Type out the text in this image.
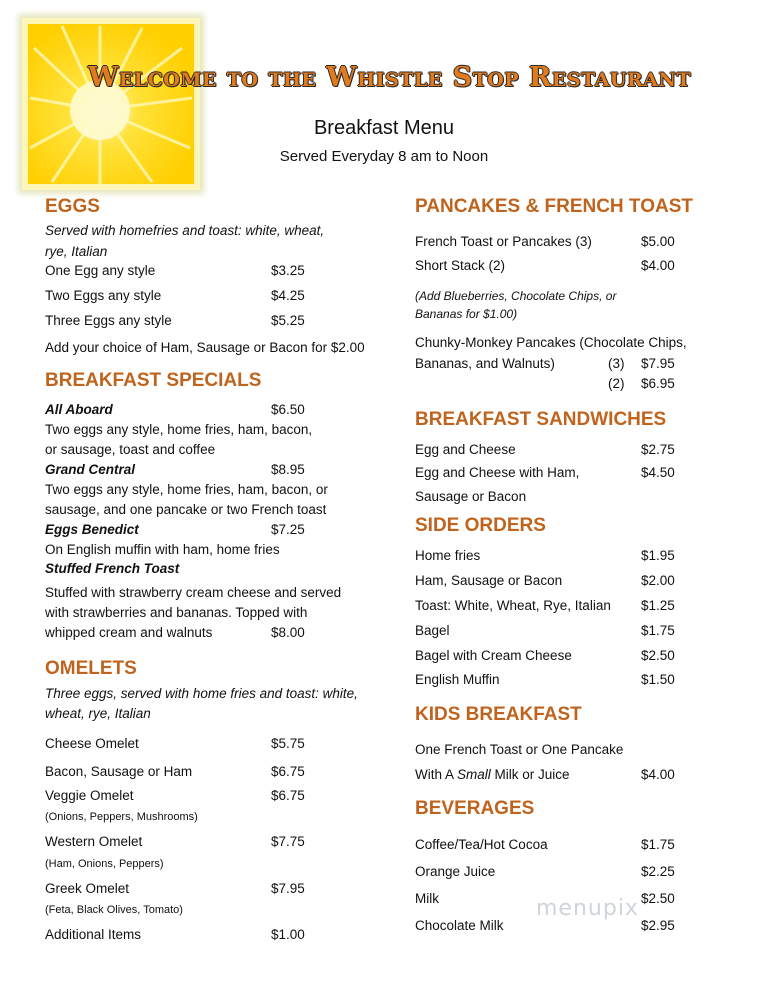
Welcome to the Whistle Stop Restaurant
Breakfast Menu
Served Everyday 8 am to Noon
EGGS
Served with homefries and toast: white, wheat,
rye, Italian
One Egg any style	$3.25
Two Eggs any style	$4.25
Three Eggs any style	$5.25
Add your choice of Ham, Sausage or Bacon for $2.00
BREAKFAST SPECIALS
All Aboard	$6.50
Two eggs any style, home fries, ham, bacon,
or sausage, toast and coffee
Grand Central	$8.95
Two eggs any style, home fries, ham, bacon, or
sausage, and one pancake or two French toast
Eggs Benedict	$7.25
On English muffin with ham, home fries
Stuffed French Toast
Stuffed with strawberry cream cheese and served
with strawberries and bananas. Topped with
whipped cream and walnuts	$8.00
OMELETS
Three eggs, served with home fries and toast: white,
wheat, rye, Italian
Cheese Omelet	$5.75
Bacon, Sausage or Ham	$6.75
Veggie Omelet	$6.75
(Onions, Peppers, Mushrooms)
Western Omelet	$7.75
(Ham, Onions, Peppers)
Greek Omelet	$7.95
(Feta, Black Olives, Tomato)
Additional Items	$1.00
PANCAKES & FRENCH TOAST
French Toast or Pancakes (3)	$5.00
Short Stack (2)	$4.00
(Add Blueberries, Chocolate Chips, or
Bananas for $1.00)
Chunky-Monkey Pancakes (Chocolate Chips,
Bananas, and Walnuts)	(3) $7.95
(2) $6.95
BREAKFAST SANDWICHES
Egg and Cheese	$2.75
Egg and Cheese with Ham,	$4.50
Sausage or Bacon
SIDE ORDERS
Home fries	$1.95
Ham, Sausage or Bacon	$2.00
Toast: White, Wheat, Rye, Italian $1.25
Bagel	$1.75
Bagel with Cream Cheese	$2.50
English Muffin	$1.50
KIDS BREAKFAST
One French Toast or One Pancake
With A Small Milk or Juice	$4.00
BEVERAGES
Coffee/Tea/Hot Cocoa	$1.75
Orange Juice	$2.25
Milk	$2.50
Chocolate Milk	$2.95
menupix
